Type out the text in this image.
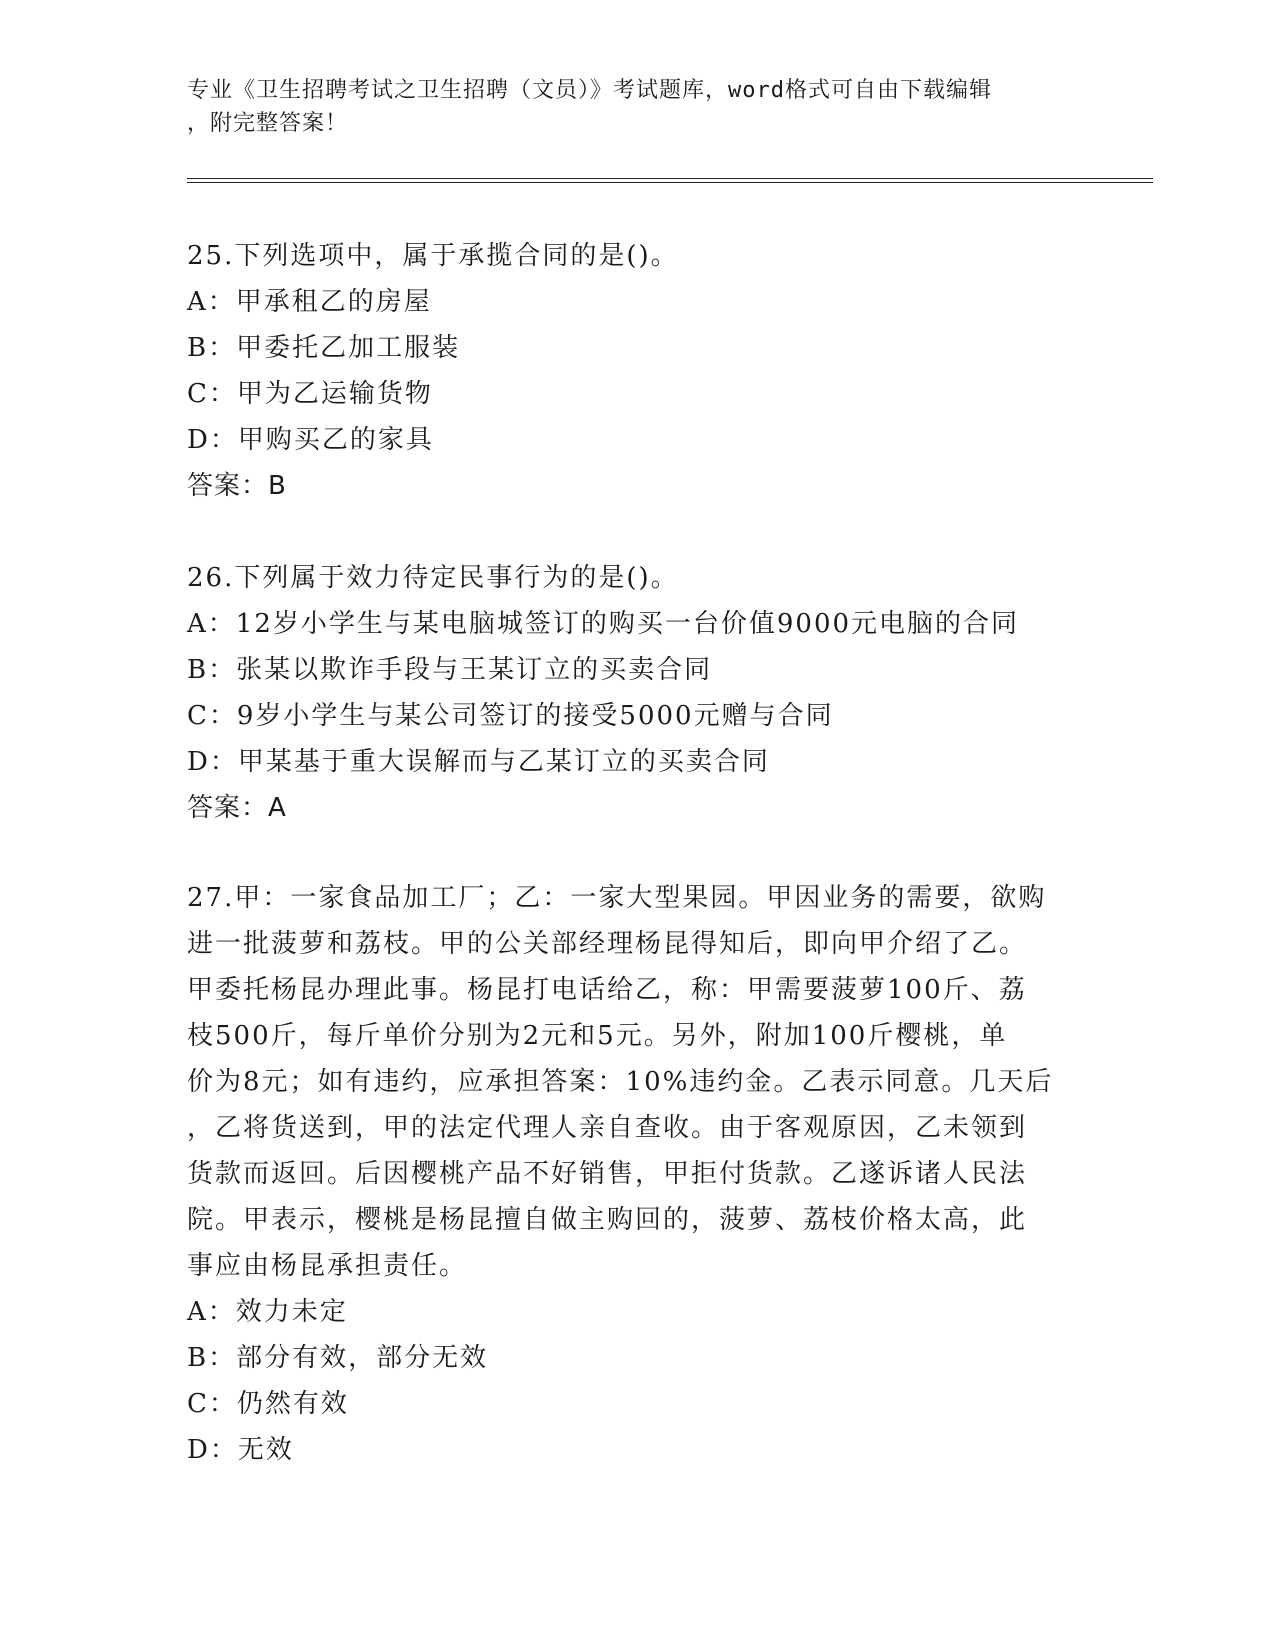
专业《卫生招聘考试之卫生招聘（文员）》考试题库，word格式可自由下载编辑
，附完整答案！
25.下列选项中，属于承揽合同的是()。
A：甲承租乙的房屋
B：甲委托乙加工服装
C：甲为乙运输货物
D：甲购买乙的家具
答案：B
26.下列属于效力待定民事行为的是()。
A：12岁小学生与某电脑城签订的购买一台价值9000元电脑的合同
B：张某以欺诈手段与王某订立的买卖合同
C：9岁小学生与某公司签订的接受5000元赠与合同
D：甲某基于重大误解而与乙某订立的买卖合同
答案：A
27.甲：一家食品加工厂；乙：一家大型果园。甲因业务的需要，欲购
进一批菠萝和荔枝。甲的公关部经理杨昆得知后，即向甲介绍了乙。
甲委托杨昆办理此事。杨昆打电话给乙，称：甲需要菠萝100斤、荔
枝500斤，每斤单价分别为2元和5元。另外，附加100斤樱桃，单
价为8元；如有违约，应承担答案：10%违约金。乙表示同意。几天后
，乙将货送到，甲的法定代理人亲自查收。由于客观原因，乙未领到
货款而返回。后因樱桃产品不好销售，甲拒付货款。乙遂诉诸人民法
院。甲表示，樱桃是杨昆擅自做主购回的，菠萝、荔枝价格太高，此
事应由杨昆承担责任。
A：效力未定
B：部分有效，部分无效
C：仍然有效
D：无效
